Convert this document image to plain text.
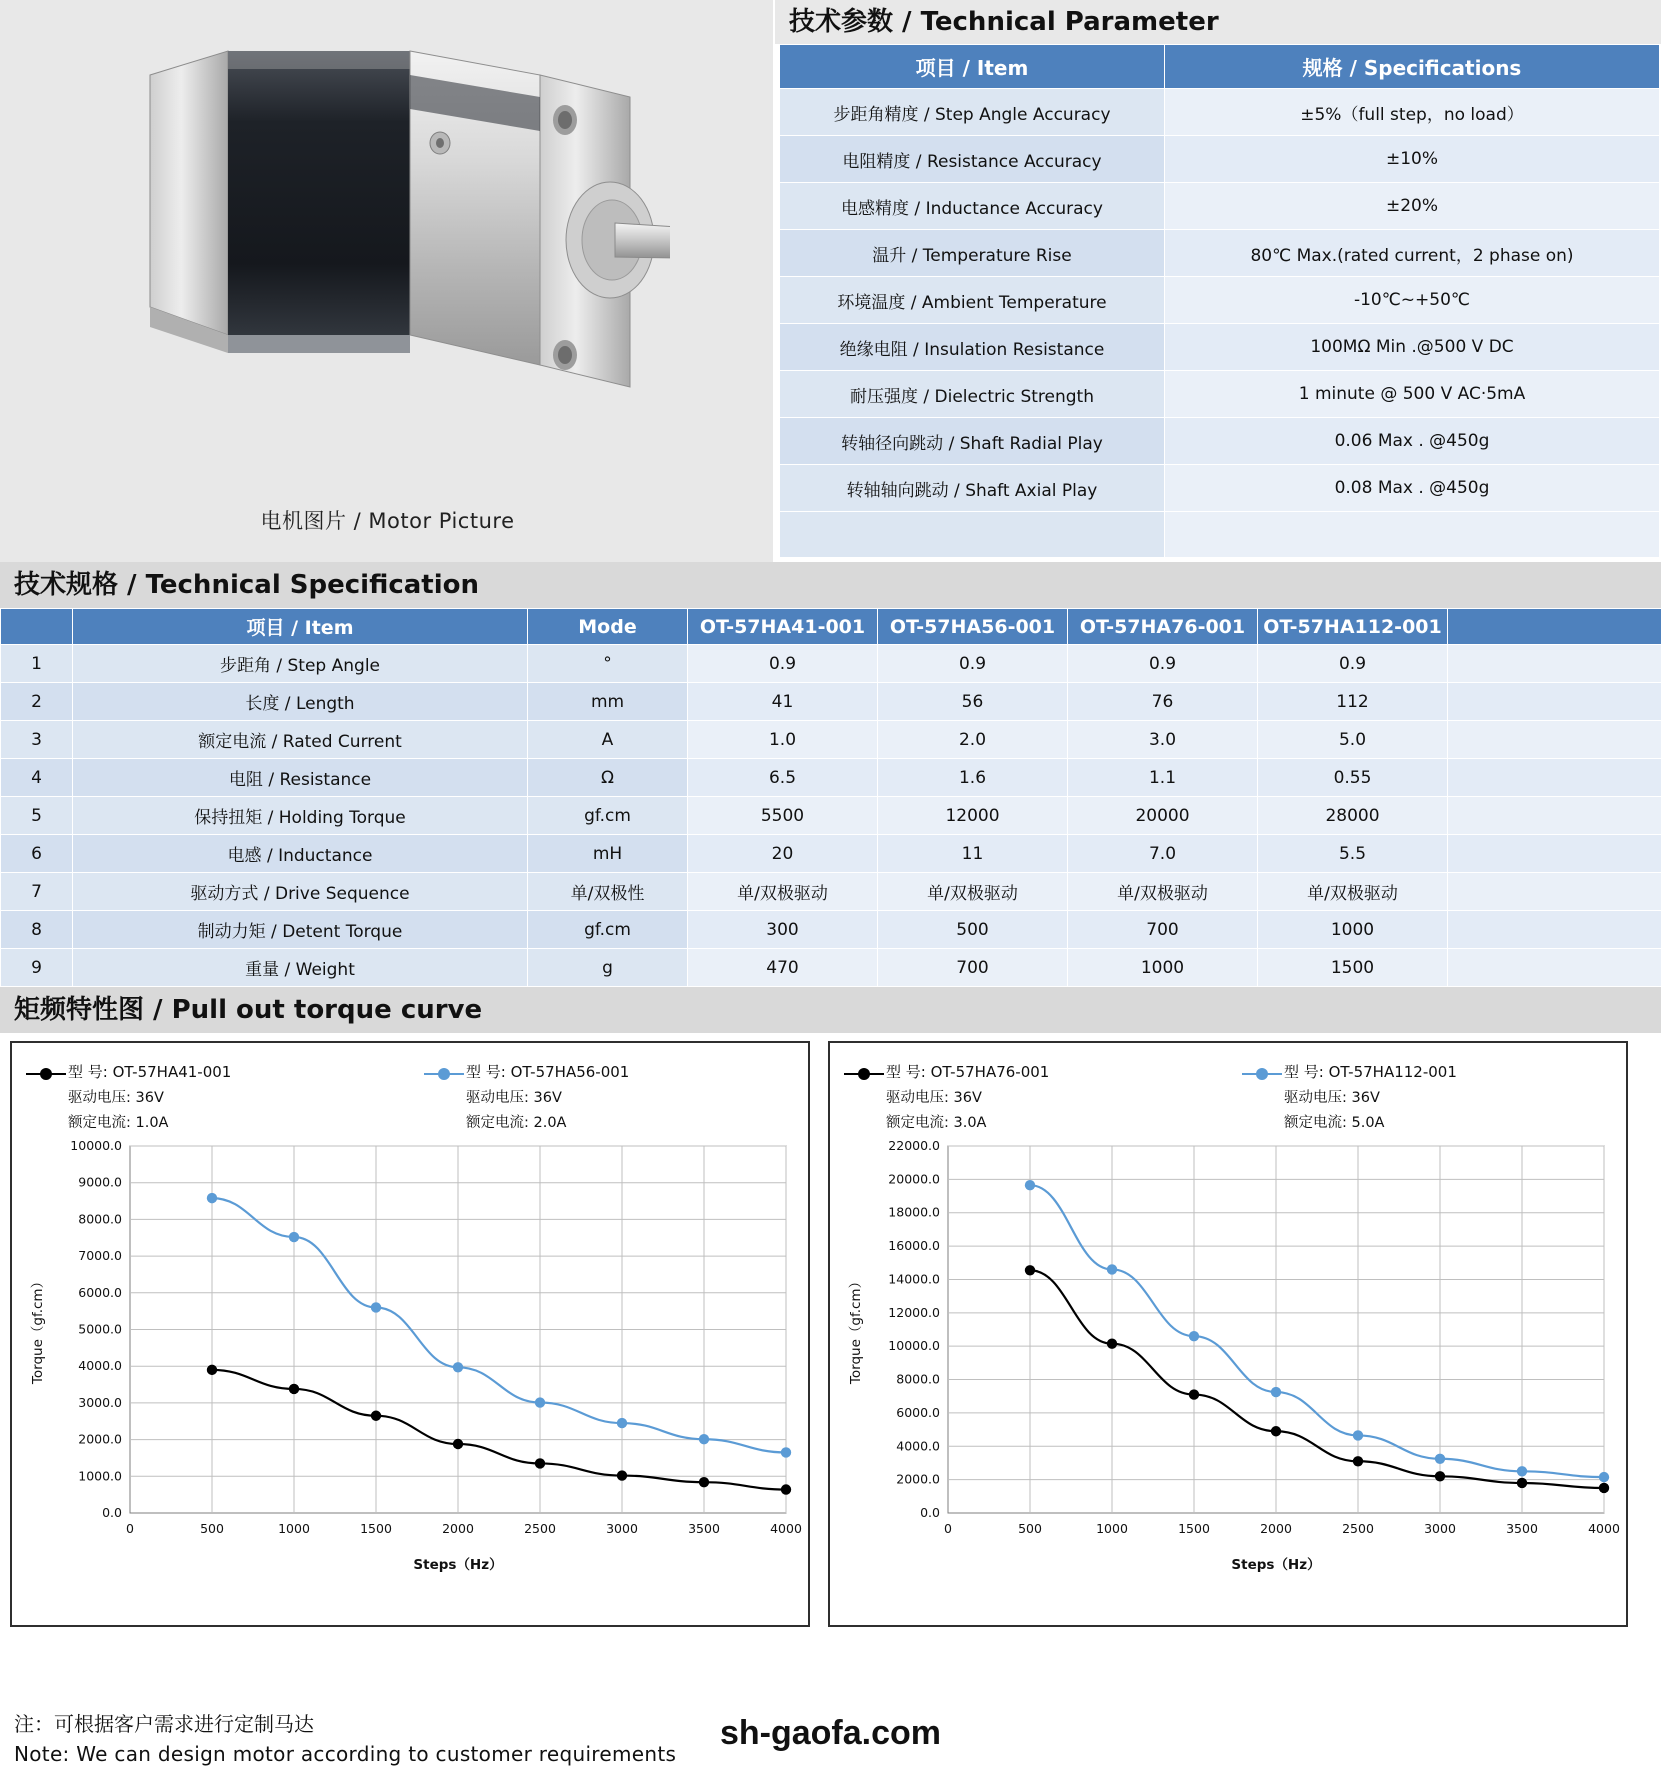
电机图片 / Motor Picture
技术参数 / Technical Parameter
项目 / Item	规格 / Specifications
步距角精度 / Step Angle Accuracy	±5%（full step，no load）
电阻精度 / Resistance Accuracy	±10%
电感精度 / Inductance Accuracy	±20%
温升 / Temperature Rise	80℃ Max.(rated current，2 phase on)
环境温度 / Ambient Temperature	-10℃~+50℃
绝缘电阻 / Insulation Resistance	100MΩ Min .@500 V DC
耐压强度 / Dielectric Strength	1 minute @ 500 V AC·5mA
转轴径向跳动 / Shaft Radial Play	0.06 Max . @450g
转轴轴向跳动 / Shaft Axial Play	0.08 Max . @450g

技术规格 / Technical Specification
	项目 / Item	Mode	OT-57HA41-001	OT-57HA56-001	OT-57HA76-001	OT-57HA112-001	
1	步距角 / Step Angle	°	0.9	0.9	0.9	0.9	
2	长度 / Length	mm	41	56	76	112	
3	额定电流 / Rated Current	A	1.0	2.0	3.0	5.0	
4	电阻 / Resistance	Ω	6.5	1.6	1.1	0.55	
5	保持扭矩 / Holding Torque	gf.cm	5500	12000	20000	28000	
6	电感 / Inductance	mH	20	11	7.0	5.5	
7	驱动方式 / Drive Sequence	单/双极性	单/双极驱动	单/双极驱动	单/双极驱动	单/双极驱动	
8	制动力矩 / Detent Torque	gf.cm	300	500	700	1000	
9	重量 / Weight	g	470	700	1000	1500	
矩频特性图 / Pull out torque curve
型 号: OT-57HA41-001
驱动电压: 36V
额定电流: 1.0A
型 号: OT-57HA56-001
驱动电压: 36V
额定电流: 2.0A
0.0
1000.0
2000.0
3000.0
4000.0
5000.0
6000.0
7000.0
8000.0
9000.0
10000.0
0	500	1000	1500	2000	2500	3000	3500	4000
Steps（Hz）
Torque（gf.cm）
型 号: OT-57HA76-001
驱动电压: 36V
额定电流: 3.0A
型 号: OT-57HA112-001
驱动电压: 36V
额定电流: 5.0A
0.0
2000.0
4000.0
6000.0
8000.0
10000.0
12000.0
14000.0
16000.0
18000.0
20000.0
22000.0
0	500	1000	1500	2000	2500	3000	3500	4000
Steps（Hz）
Torque（gf.cm）
注：可根据客户需求进行定制马达
Note: We can design motor according to customer requirements
sh-gaofa.com
